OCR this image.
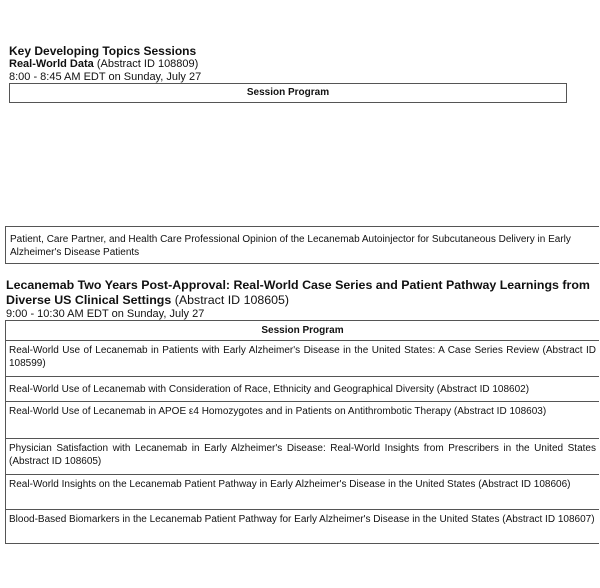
Key Developing Topics Sessions
Real-World Data (Abstract ID 108809)
8:00 - 8:45 AM EDT on Sunday, July 27
Session Program
Patient, Care Partner, and Health Care Professional Opinion of the Lecanemab Autoinjector for Subcutaneous Delivery in Early Alzheimer's Disease Patients
Lecanemab Two Years Post-Approval: Real-World Case Series and Patient Pathway Learnings from Diverse US Clinical Settings (Abstract ID 108605)
9:00 - 10:30 AM EDT on Sunday, July 27
Session Program
Real-World Use of Lecanemab in Patients with Early Alzheimer's Disease in the United States: A Case Series Review (Abstract ID 108599)
Real-World Use of Lecanemab with Consideration of Race, Ethnicity and Geographical Diversity (Abstract ID 108602)
Real-World Use of Lecanemab in APOE ε4 Homozygotes and in Patients on Antithrombotic Therapy (Abstract ID 108603)
Physician Satisfaction with Lecanemab in Early Alzheimer's Disease: Real-World Insights from Prescribers in the United States (Abstract ID 108605)
Real-World Insights on the Lecanemab Patient Pathway in Early Alzheimer's Disease in the United States (Abstract ID 108606)
Blood-Based Biomarkers in the Lecanemab Patient Pathway for Early Alzheimer's Disease in the United States (Abstract ID 108607)
